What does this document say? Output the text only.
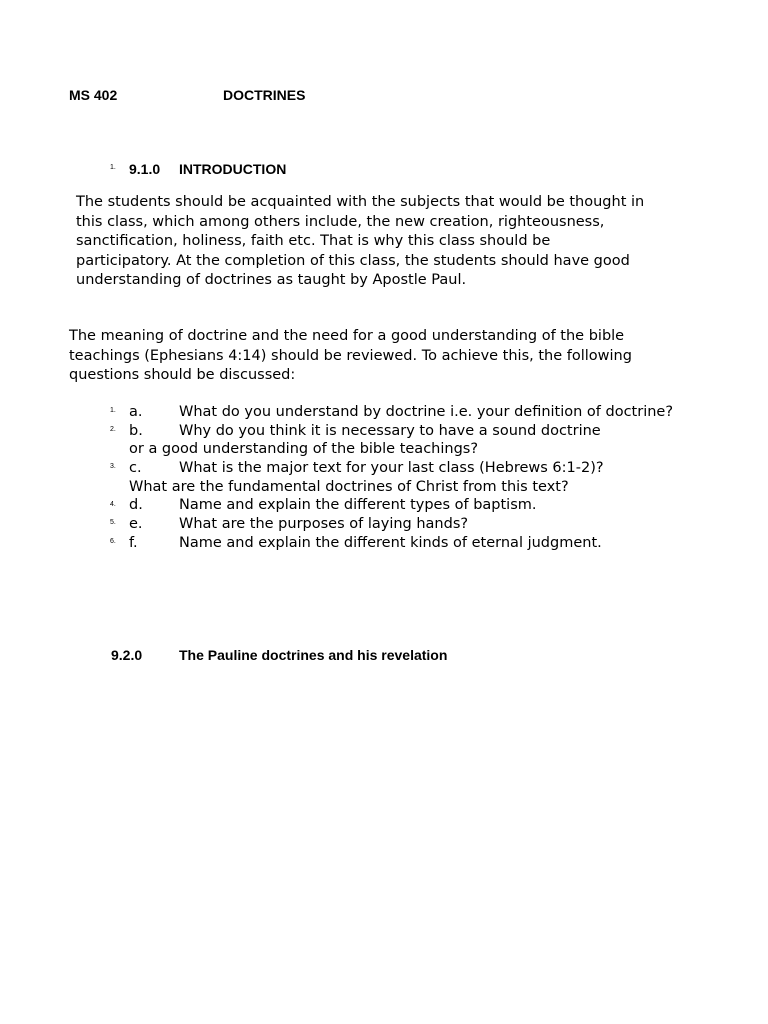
MS 402	DOCTRINES
1. 9.1.0 INTRODUCTION
The students should be acquainted with the subjects that would be thought in
this class, which among others include, the new creation, righteousness,
sanctification, holiness, faith etc. That is why this class should be
participatory. At the completion of this class, the students should have good
understanding of doctrines as taught by Apostle Paul.
The meaning of doctrine and the need for a good understanding of the bible
teachings (Ephesians 4:14) should be reviewed. To achieve this, the following
questions should be discussed:
1. a.	What do you understand by doctrine i.e. your definition of doctrine?
2. b. Why do you think it is necessary to have a sound doctrine
or a good understanding of the bible teachings?
3. c.	What is the major text for your last class (Hebrews 6:1-2)?
What are the fundamental doctrines of Christ from this text?
4. d. Name and explain the different types of baptism.
5. e.	What are the purposes of laying hands?
6. f.	Name and explain the different kinds of eternal judgment.
9.2.0	The Pauline doctrines and his revelation
